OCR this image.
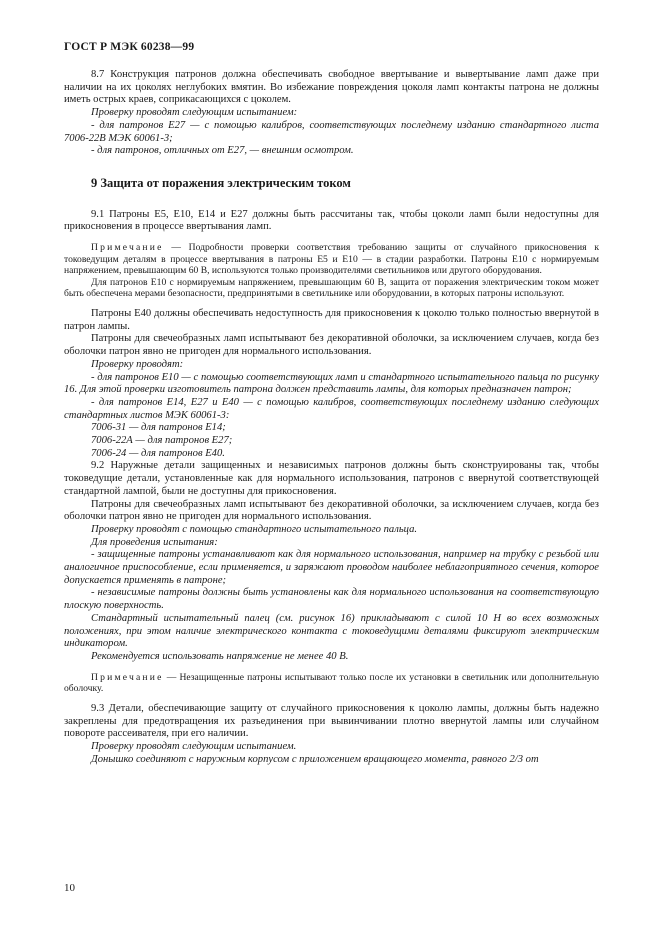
ГОСТ Р МЭК 60238—99

8.7 Конструкция патронов должна обеспечивать свободное ввертывание и вывертывание ламп даже при наличии на их цоколях неглубоких вмятин. Во избежание повреждения цоколя ламп контакты патрона не должны иметь острых краев, соприкасающихся с цоколем.

Проверку проводят следующим испытанием:

- для патронов Е27 — с помощью калибров, соответствующих последнему изданию стандартного листа 7006-22В МЭК 60061-3;

- для патронов, отличных от Е27, — внешним осмотром.

9 Защита от поражения электрическим током

9.1 Патроны Е5, Е10, Е14 и Е27 должны быть рассчитаны так, чтобы цоколи ламп были недоступны для прикосновения в процессе ввертывания ламп.

Примечание — Подробности проверки соответствия требованию защиты от случайного прикосновения к токоведущим деталям в процессе ввертывания в патроны Е5 и Е10 — в стадии разработки. Патроны Е10 с нормируемым напряжением, превышающим 60 В, используются только производителями светильников или другого оборудования.

Для патронов Е10 с нормируемым напряжением, превышающим 60 В, защита от поражения электрическим током может быть обеспечена мерами безопасности, предпринятыми в светильнике или оборудовании, в которых патроны используют.

Патроны Е40 должны обеспечивать недоступность для прикосновения к цоколю только полностью ввернутой в патрон лампы.

Патроны для свечеобразных ламп испытывают без декоративной оболочки, за исключением случаев, когда без оболочки патрон явно не пригоден для нормального использования.

Проверку проводят:

- для патронов Е10 — с помощью соответствующих ламп и стандартного испытательного пальца по рисунку 16. Для этой проверки изготовитель патрона должен представить лампы, для которых предназначен патрон;

- для патронов Е14, Е27 и Е40 — с помощью калибров, соответствующих последнему изданию следующих стандартных листов МЭК 60061-3:

7006-31 — для патронов Е14;

7006-22А — для патронов Е27;

7006-24 — для патронов Е40.

9.2 Наружные детали защищенных и независимых патронов должны быть сконструированы так, чтобы токоведущие детали, установленные как для нормального использования, патронов с ввернутой соответствующей стандартной лампой, были не доступны для прикосновения.

Патроны для свечеобразных ламп испытывают без декоративной оболочки, за исключением случаев, когда без оболочки патрон явно не пригоден для нормального использования.

Проверку проводят с помощью стандартного испытательного пальца.

Для проведения испытания:

- защищенные патроны устанавливают как для нормального использования, например на трубку с резьбой или аналогичное приспособление, если применяется, и заряжают проводом наиболее неблагоприятного сечения, которое допускается применять в патроне;

- независимые патроны должны быть установлены как для нормального использования на соответствующую плоскую поверхность.

Стандартный испытательный палец (см. рисунок 16) прикладывают с силой 10 Н во всех возможных положениях, при этом наличие электрического контакта с токоведущими деталями фиксируют электрическим индикатором.

Рекомендуется использовать напряжение не менее 40 В.

Примечание — Незащищенные патроны испытывают только после их установки в светильник или дополнительную оболочку.

9.3 Детали, обеспечивающие защиту от случайного прикосновения к цоколю лампы, должны быть надежно закреплены для предотвращения их разъединения при вывинчивании плотно ввернутой лампы или случайном повороте рассеивателя, при его наличии.

Проверку проводят следующим испытанием.

Донышко соединяют с наружным корпусом с приложением вращающего момента, равного 2/3 от

10
